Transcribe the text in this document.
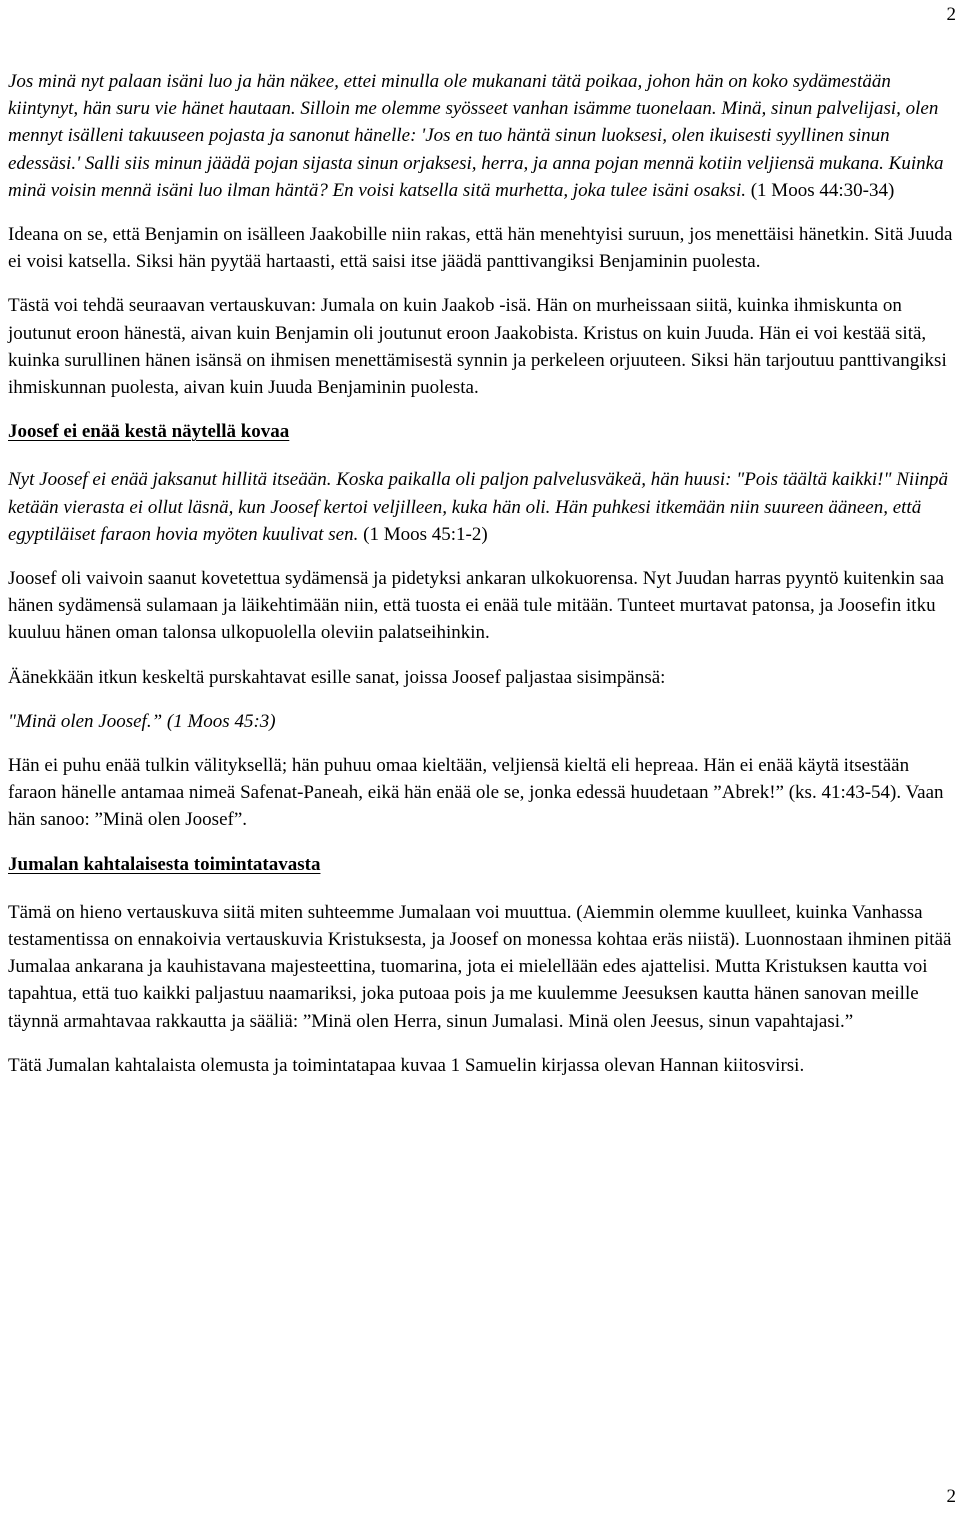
2

Jos minä nyt palaan isäni luo ja hän näkee, ettei minulla ole mukanani tätä poikaa, johon hän on koko sydämestään kiintynyt, hän suru vie hänet hautaan. Silloin me olemme syösseet vanhan isämme tuonelaan. Minä, sinun palvelijasi, olen mennyt isälleni takuuseen pojasta ja sanonut hänelle: 'Jos en tuo häntä sinun luoksesi, olen ikuisesti syyllinen sinun edessäsi.' Salli siis minun jäädä pojan sijasta sinun orjaksesi, herra, ja anna pojan mennä kotiin veljiensä mukana. Kuinka minä voisin mennä isäni luo ilman häntä? En voisi katsella sitä murhetta, joka tulee isäni osaksi. (1 Moos 44:30-34)

Ideana on se, että Benjamin on isälleen Jaakobille niin rakas, että hän menehtyisi suruun, jos menettäisi hänetkin. Sitä Juuda ei voisi katsella. Siksi hän pyytää hartaasti, että saisi itse jäädä panttivangiksi Benjaminin puolesta.

Tästä voi tehdä seuraavan vertauskuvan: Jumala on kuin Jaakob -isä. Hän on murheissaan siitä, kuinka ihmiskunta on joutunut eroon hänestä, aivan kuin Benjamin oli joutunut eroon Jaakobista. Kristus on kuin Juuda. Hän ei voi kestää sitä, kuinka surullinen hänen isänsä on ihmisen menettämisestä synnin ja perkeleen orjuuteen. Siksi hän tarjoutuu panttivangiksi ihmiskunnan puolesta, aivan kuin Juuda Benjaminin puolesta.

Joosef ei enää kestä näytellä kovaa

Nyt Joosef ei enää jaksanut hillitä itseään. Koska paikalla oli paljon palvelusväkeä, hän huusi: "Pois täältä kaikki!" Niinpä ketään vierasta ei ollut läsnä, kun Joosef kertoi veljilleen, kuka hän oli. Hän puhkesi itkemään niin suureen ääneen, että egyptiläiset faraon hovia myöten kuulivat sen. (1 Moos 45:1-2)

Joosef oli vaivoin saanut kovetettua sydämensä ja pidetyksi ankaran ulkokuorensa. Nyt Juudan harras pyyntö kuitenkin saa hänen sydämensä sulamaan ja läikehtimään niin, että tuosta ei enää tule mitään. Tunteet murtavat patonsa, ja Joosefin itku kuuluu hänen oman talonsa ulkopuolella oleviin palatseihinkin.

Äänekkään itkun keskeltä purskahtavat esille sanat, joissa Joosef paljastaa sisimpänsä:

"Minä olen Joosef.” (1 Moos 45:3)

Hän ei puhu enää tulkin välityksellä; hän puhuu omaa kieltään, veljiensä kieltä eli hepreaa. Hän ei enää käytä itsestään faraon hänelle antamaa nimeä Safenat-Paneah, eikä hän enää ole se, jonka edessä huudetaan ”Abrek!” (ks. 41:43-54). Vaan hän sanoo: ”Minä olen Joosef”.

Jumalan kahtalaisesta toimintatavasta

Tämä on hieno vertauskuva siitä miten suhteemme Jumalaan voi muuttua. (Aiemmin olemme kuulleet, kuinka Vanhassa testamentissa on ennakoivia vertauskuvia Kristuksesta, ja Joosef on monessa kohtaa eräs niistä). Luonnostaan ihminen pitää Jumalaa ankarana ja kauhistavana majesteettina, tuomarina, jota ei mielellään edes ajattelisi. Mutta Kristuksen kautta voi tapahtua, että tuo kaikki paljastuu naamariksi, joka putoaa pois ja me kuulemme Jeesuksen kautta hänen sanovan meille täynnä armahtavaa rakkautta ja sääliä: ”Minä olen Herra, sinun Jumalasi. Minä olen Jeesus, sinun vapahtajasi.”

Tätä Jumalan kahtalaista olemusta ja toimintatapaa kuvaa 1 Samuelin kirjassa olevan Hannan kiitosvirsi.

2
